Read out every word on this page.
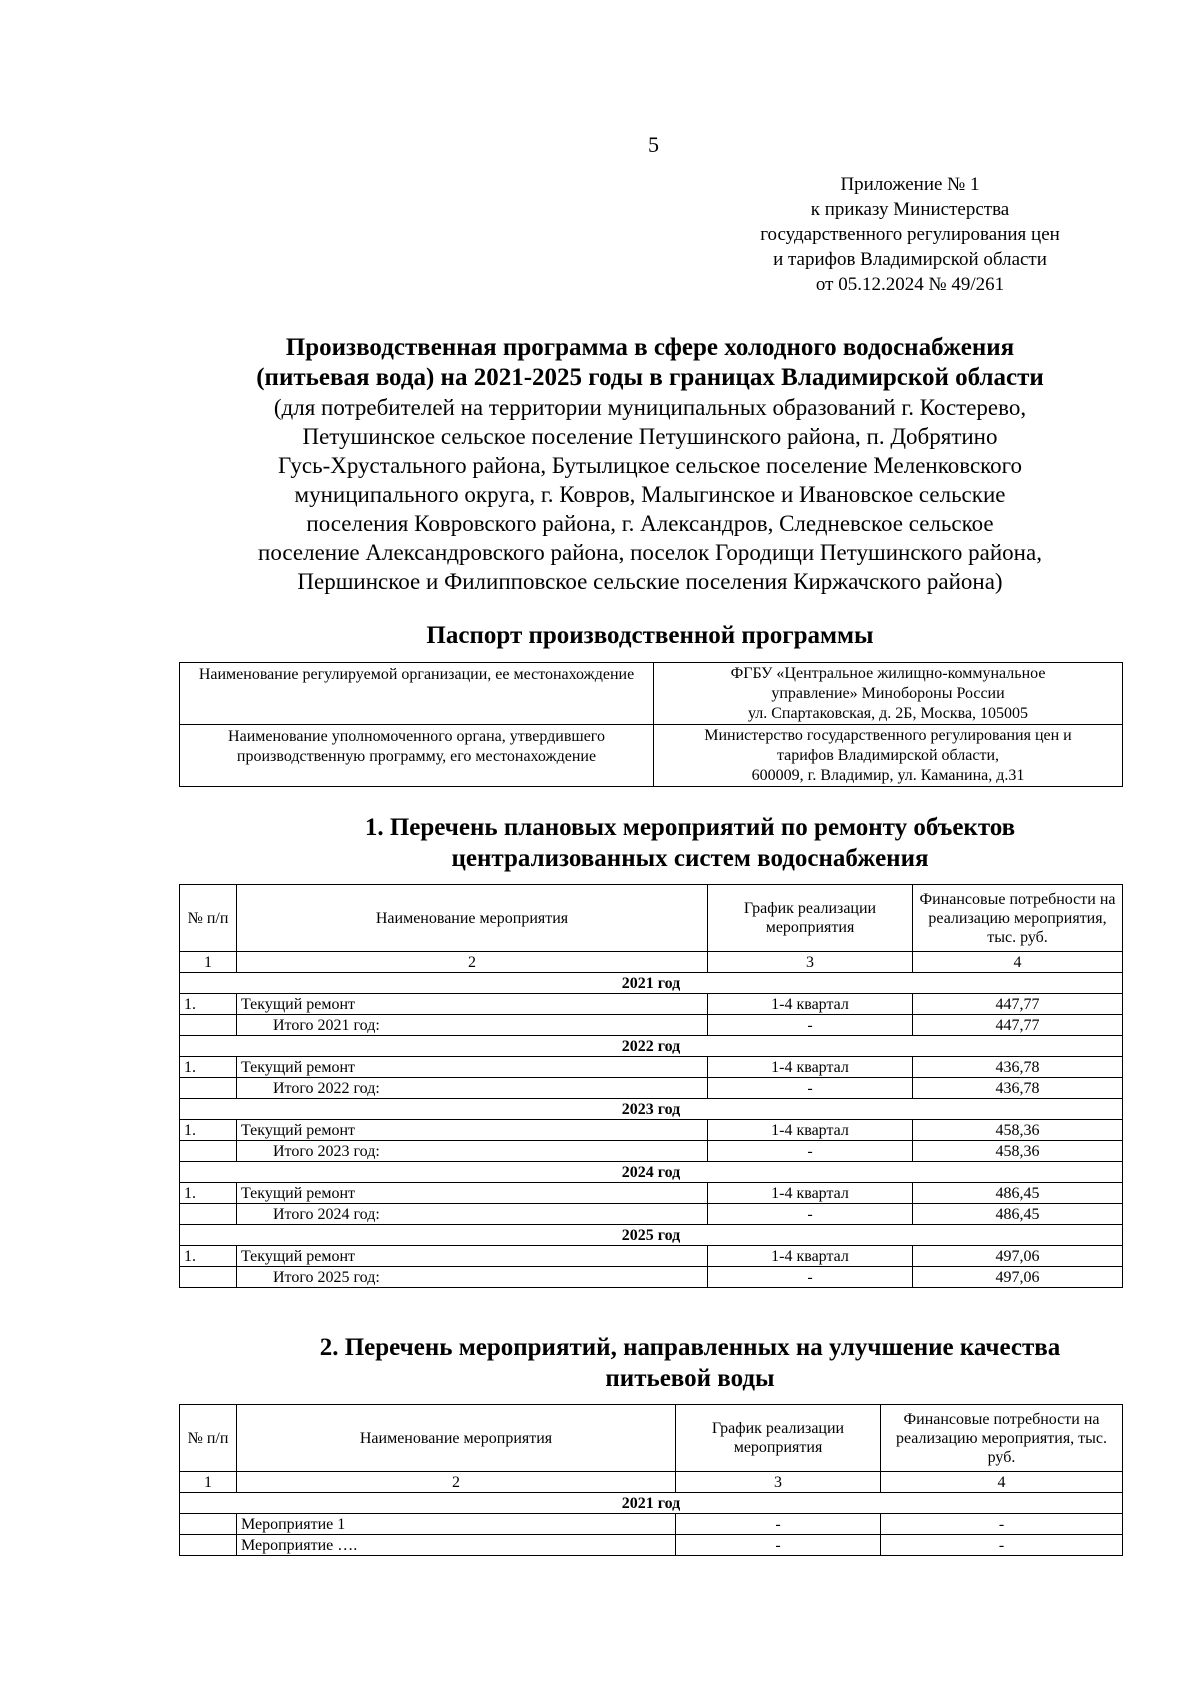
5
Приложение № 1
к приказу Министерства
государственного регулирования цен
и тарифов Владимирской области
от 05.12.2024 № 49/261
Производственная программа в сфере холодного водоснабжения
(питьевая вода) на 2021-2025 годы в границах Владимирской области
(для потребителей на территории муниципальных образований г. Костерево,
Петушинское сельское поселение Петушинского района, п. Добрятино
Гусь-Хрустального района, Бутылицкое сельское поселение Меленковского
муниципального округа, г. Ковров, Малыгинское и Ивановское сельские
поселения Ковровского района, г. Александров, Следневское сельское
поселение Александровского района, поселок Городищи Петушинского района,
Першинское и Филипповское сельские поселения Киржачского района)
Паспорт производственной программы
Наименование регулируемой организации, ее местонахождение	ФГБУ «Центральное жилищно-коммунальное
управление» Минобороны России
ул. Спартаковская, д. 2Б, Москва, 105005

Наименование уполномоченного органа, утвердившего производственную программу, его местонахождение	Министерство государственного регулирования цен и
тарифов Владимирской области,
600009, г. Владимир, ул. Каманина, д.31
1. Перечень плановых мероприятий по ремонту объектов
централизованных систем водоснабжения
№ п/п	Наименование мероприятия	График реализации мероприятия	Финансовые потребности на реализацию мероприятия, тыс. руб.
1	2	3	4
2021 год			
1.	Текущий ремонт	1-4 квартал	447,77
	Итого 2021 год:	-	447,77
2022 год			
1.	Текущий ремонт	1-4 квартал	436,78
	Итого 2022 год:	-	436,78
2023 год			
1.	Текущий ремонт	1-4 квартал	458,36
	Итого 2023 год:	-	458,36
2024 год			
1.	Текущий ремонт	1-4 квартал	486,45
	Итого 2024 год:	-	486,45
2025 год			
1.	Текущий ремонт	1-4 квартал	497,06
	Итого 2025 год:	-	497,06
2. Перечень мероприятий, направленных на улучшение качества
питьевой воды
№ п/п	Наименование мероприятия	График реализации мероприятия	Финансовые потребности на реализацию мероприятия, тыс. руб.
1	2	3	4
2021 год			
	Мероприятие 1	-	-
	Мероприятие ….	-	-
